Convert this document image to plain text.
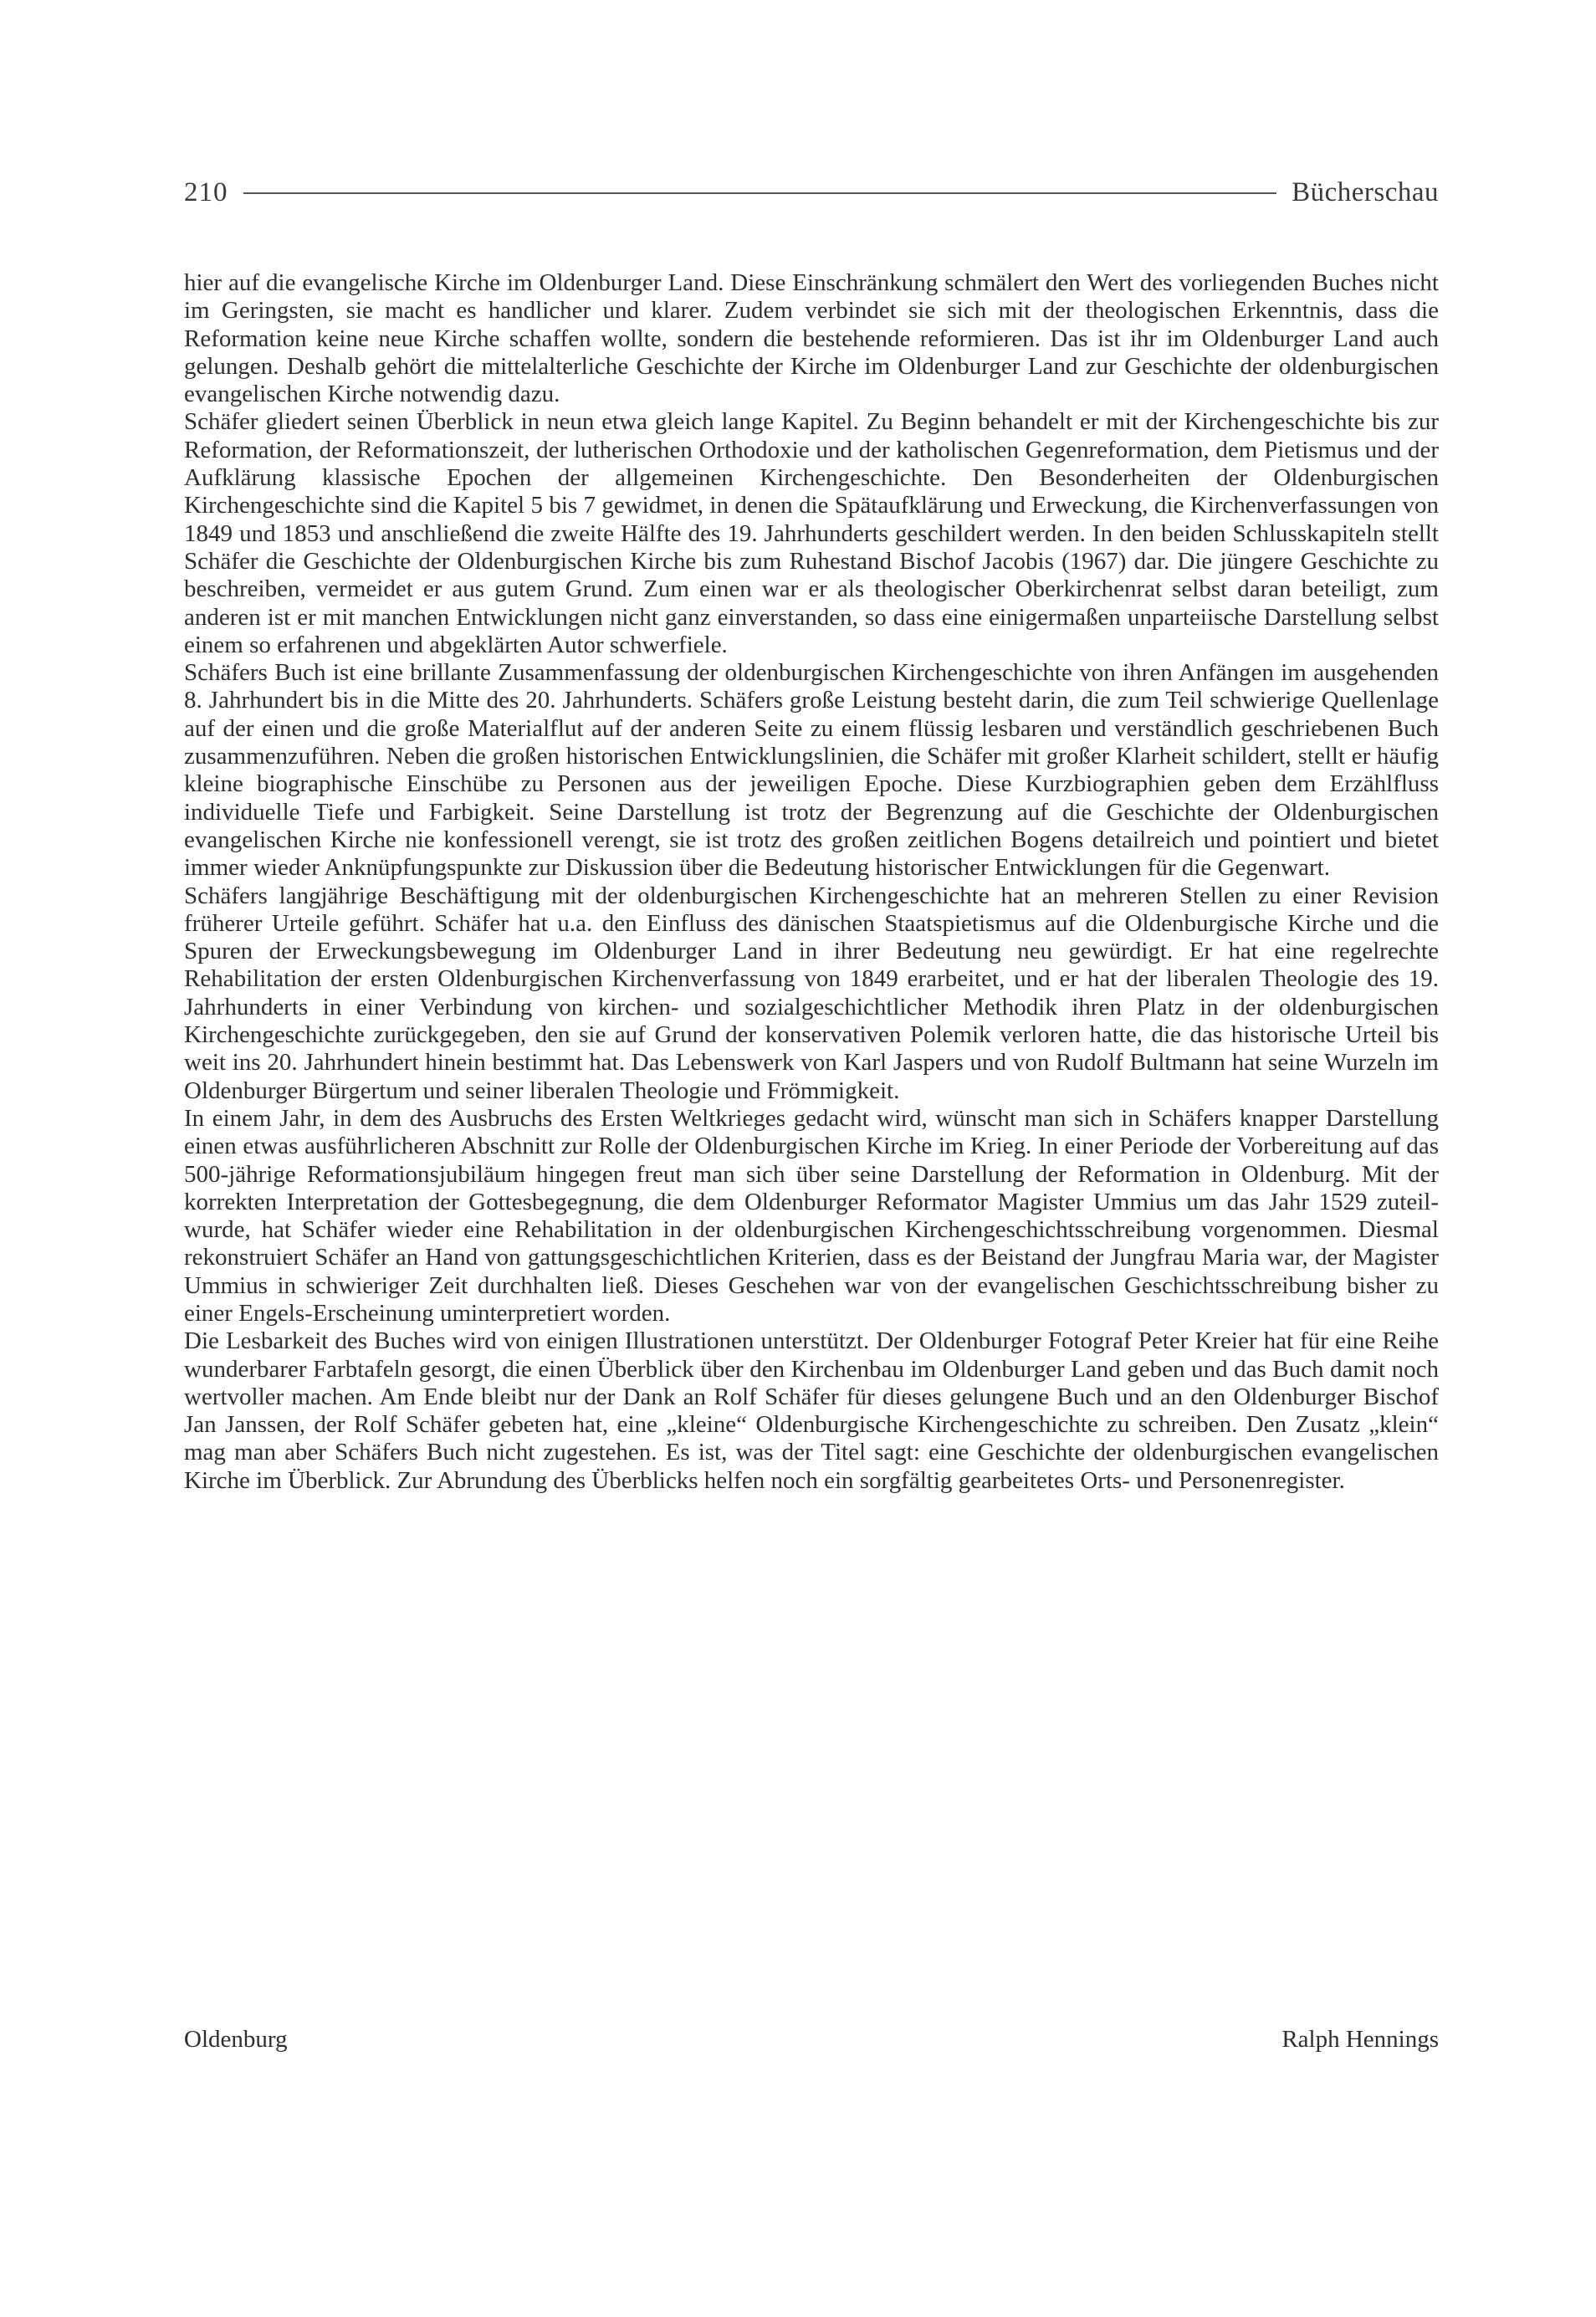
210	Bücherschau

hier auf die evangelische Kirche im Oldenburger Land. Diese Einschränkung schmälert den Wert des vorliegenden Buches nicht im Geringsten, sie macht es handlicher und klarer. Zudem verbindet sie sich mit der theologischen Erkenntnis, dass die Reformation keine neue Kirche schaffen wollte, sondern die bestehende reformieren. Das ist ihr im Oldenburger Land auch gelungen. Deshalb gehört die mittelalterliche Geschichte der Kirche im Oldenburger Land zur Geschichte der oldenburgischen evangelischen Kirche notwendig dazu.

Schäfer gliedert seinen Überblick in neun etwa gleich lange Kapitel. Zu Beginn behandelt er mit der Kirchengeschichte bis zur Reformation, der Reformationszeit, der lutherischen Orthodoxie und der katholischen Gegenreformation, dem Pietismus und der Aufklärung klassische Epochen der allgemeinen Kirchengeschichte. Den Besonderheiten der Oldenburgischen Kirchengeschichte sind die Kapitel 5 bis 7 gewidmet, in denen die Spätaufklärung und Erweckung, die Kirchenverfassungen von 1849 und 1853 und anschließend die zweite Hälfte des 19. Jahrhunderts geschildert werden. In den beiden Schlusskapiteln stellt Schäfer die Geschichte der Oldenburgischen Kirche bis zum Ruhestand Bischof Jacobis (1967) dar. Die jüngere Geschichte zu beschreiben, vermeidet er aus gutem Grund. Zum einen war er als theologischer Oberkirchenrat selbst daran beteiligt, zum anderen ist er mit manchen Entwicklungen nicht ganz einverstanden, so dass eine einigermaßen unparteiische Darstellung selbst einem so erfahrenen und abgeklärten Autor schwerfiele.

Schäfers Buch ist eine brillante Zusammenfassung der oldenburgischen Kirchengeschichte von ihren Anfängen im ausgehenden 8. Jahrhundert bis in die Mitte des 20. Jahrhunderts. Schäfers große Leistung besteht darin, die zum Teil schwierige Quellenlage auf der einen und die große Materialflut auf der anderen Seite zu einem flüssig lesbaren und verständlich geschriebenen Buch zusammenzuführen. Neben die großen historischen Entwicklungslinien, die Schäfer mit großer Klarheit schildert, stellt er häufig kleine biographische Einschübe zu Personen aus der jeweiligen Epoche. Diese Kurzbiographien geben dem Erzählfluss individuelle Tiefe und Farbigkeit. Seine Darstellung ist trotz der Begrenzung auf die Geschichte der Oldenburgischen evangelischen Kirche nie konfessionell verengt, sie ist trotz des großen zeitlichen Bogens detailreich und pointiert und bietet immer wieder Anknüpfungspunkte zur Diskussion über die Bedeutung historischer Entwicklungen für die Gegenwart.

Schäfers langjährige Beschäftigung mit der oldenburgischen Kirchengeschichte hat an mehreren Stellen zu einer Revision früherer Urteile geführt. Schäfer hat u.a. den Einfluss des dänischen Staatspietismus auf die Oldenburgische Kirche und die Spuren der Erweckungsbewegung im Oldenburger Land in ihrer Bedeutung neu gewürdigt. Er hat eine regelrechte Rehabilitation der ersten Oldenburgischen Kirchenverfassung von 1849 erarbeitet, und er hat der liberalen Theologie des 19. Jahrhunderts in einer Verbindung von kirchen- und sozialgeschichtlicher Methodik ihren Platz in der oldenburgischen Kirchengeschichte zurückgegeben, den sie auf Grund der konservativen Polemik verloren hatte, die das historische Urteil bis weit ins 20. Jahrhundert hinein bestimmt hat. Das Lebenswerk von Karl Jaspers und von Rudolf Bultmann hat seine Wurzeln im Oldenburger Bürgertum und seiner liberalen Theologie und Frömmigkeit.

In einem Jahr, in dem des Ausbruchs des Ersten Weltkrieges gedacht wird, wünscht man sich in Schäfers knapper Darstellung einen etwas ausführlicheren Abschnitt zur Rolle der Oldenburgischen Kirche im Krieg. In einer Periode der Vorbereitung auf das 500-jährige Reformationsjubiläum hingegen freut man sich über seine Darstellung der Reformation in Oldenburg. Mit der korrekten Interpretation der Gottesbegegnung, die dem Oldenburger Reformator Magister Ummius um das Jahr 1529 zuteilwurde, hat Schäfer wieder eine Rehabilitation in der oldenburgischen Kirchengeschichtsschreibung vorgenommen. Diesmal rekonstruiert Schäfer an Hand von gattungsgeschichtlichen Kriterien, dass es der Beistand der Jungfrau Maria war, der Magister Ummius in schwieriger Zeit durchhalten ließ. Dieses Geschehen war von der evangelischen Geschichtsschreibung bisher zu einer Engels-Erscheinung uminterpretiert worden.

Die Lesbarkeit des Buches wird von einigen Illustrationen unterstützt. Der Oldenburger Fotograf Peter Kreier hat für eine Reihe wunderbarer Farbtafeln gesorgt, die einen Überblick über den Kirchenbau im Oldenburger Land geben und das Buch damit noch wertvoller machen. Am Ende bleibt nur der Dank an Rolf Schäfer für dieses gelungene Buch und an den Oldenburger Bischof Jan Janssen, der Rolf Schäfer gebeten hat, eine „kleine“ Oldenburgische Kirchengeschichte zu schreiben. Den Zusatz „klein“ mag man aber Schäfers Buch nicht zugestehen. Es ist, was der Titel sagt: eine Geschichte der oldenburgischen evangelischen Kirche im Überblick. Zur Abrundung des Überblicks helfen noch ein sorgfältig gearbeitetes Orts- und Personenregister.

Oldenburg	Ralph Hennings
